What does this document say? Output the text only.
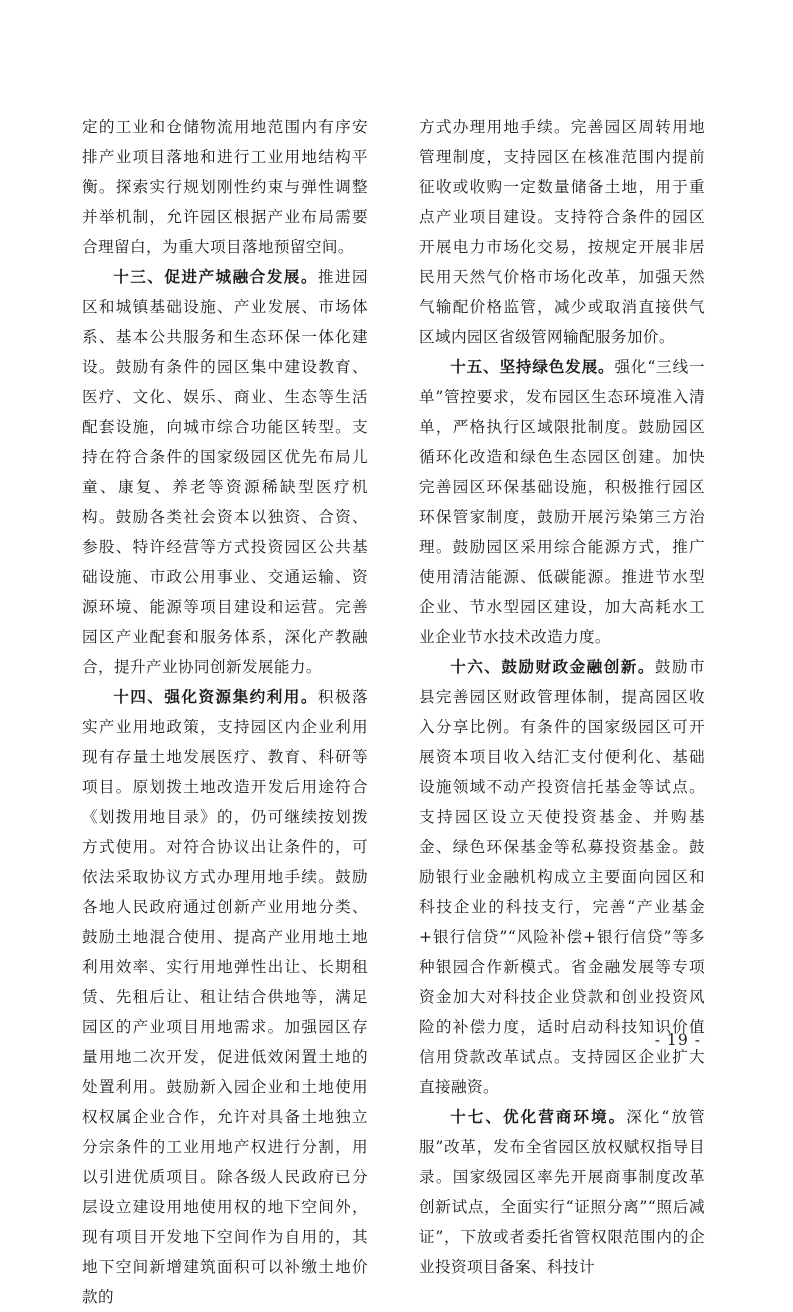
定的工业和仓储物流用地范围内有序安排产业项目落地和进行工业用地结构平衡。探索实行规划刚性约束与弹性调整并举机制，允许园区根据产业布局需要合理留白，为重大项目落地预留空间。

十三、促进产城融合发展。推进园区和城镇基础设施、产业发展、市场体系、基本公共服务和生态环保一体化建设。鼓励有条件的园区集中建设教育、医疗、文化、娱乐、商业、生态等生活配套设施，向城市综合功能区转型。支持在符合条件的国家级园区优先布局儿童、康复、养老等资源稀缺型医疗机构。鼓励各类社会资本以独资、合资、参股、特许经营等方式投资园区公共基础设施、市政公用事业、交通运输、资源环境、能源等项目建设和运营。完善园区产业配套和服务体系，深化产教融合，提升产业协同创新发展能力。

十四、强化资源集约利用。积极落实产业用地政策，支持园区内企业利用现有存量土地发展医疗、教育、科研等项目。原划拨土地改造开发后用途符合《划拨用地目录》的，仍可继续按划拨方式使用。对符合协议出让条件的，可依法采取协议方式办理用地手续。鼓励各地人民政府通过创新产业用地分类、鼓励土地混合使用、提高产业用地土地利用效率、实行用地弹性出让、长期租赁、先租后让、租让结合供地等，满足园区的产业项目用地需求。加强园区存量用地二次开发，促进低效闲置土地的处置利用。鼓励新入园企业和土地使用权权属企业合作，允许对具备土地独立分宗条件的工业用地产权进行分割，用以引进优质项目。除各级人民政府已分层设立建设用地使用权的地下空间外，现有项目开发地下空间作为自用的，其地下空间新增建筑面积可以补缴土地价款的

方式办理用地手续。完善园区周转用地管理制度，支持园区在核准范围内提前征收或收购一定数量储备土地，用于重点产业项目建设。支持符合条件的园区开展电力市场化交易，按规定开展非居民用天然气价格市场化改革，加强天然气输配价格监管，减少或取消直接供气区域内园区省级管网输配服务加价。

十五、坚持绿色发展。强化“三线一单”管控要求，发布园区生态环境准入清单，严格执行区域限批制度。鼓励园区循环化改造和绿色生态园区创建。加快完善园区环保基础设施，积极推行园区环保管家制度，鼓励开展污染第三方治理。鼓励园区采用综合能源方式，推广使用清洁能源、低碳能源。推进节水型企业、节水型园区建设，加大高耗水工业企业节水技术改造力度。

十六、鼓励财政金融创新。鼓励市县完善园区财政管理体制，提高园区收入分享比例。有条件的国家级园区可开展资本项目收入结汇支付便利化、基础设施领域不动产投资信托基金等试点。支持园区设立天使投资基金、并购基金、绿色环保基金等私募投资基金。鼓励银行业金融机构成立主要面向园区和科技企业的科技支行，完善“产业基金+银行信贷”“风险补偿+银行信贷”等多种银园合作新模式。省金融发展等专项资金加大对科技企业贷款和创业投资风险的补偿力度，适时启动科技知识价值信用贷款改革试点。支持园区企业扩大直接融资。

十七、优化营商环境。深化“放管服”改革，发布全省园区放权赋权指导目录。国家级园区率先开展商事制度改革创新试点，全面实行“证照分离”“照后减证”，下放或者委托省管权限范围内的企业投资项目备案、科技计

- 19 -
